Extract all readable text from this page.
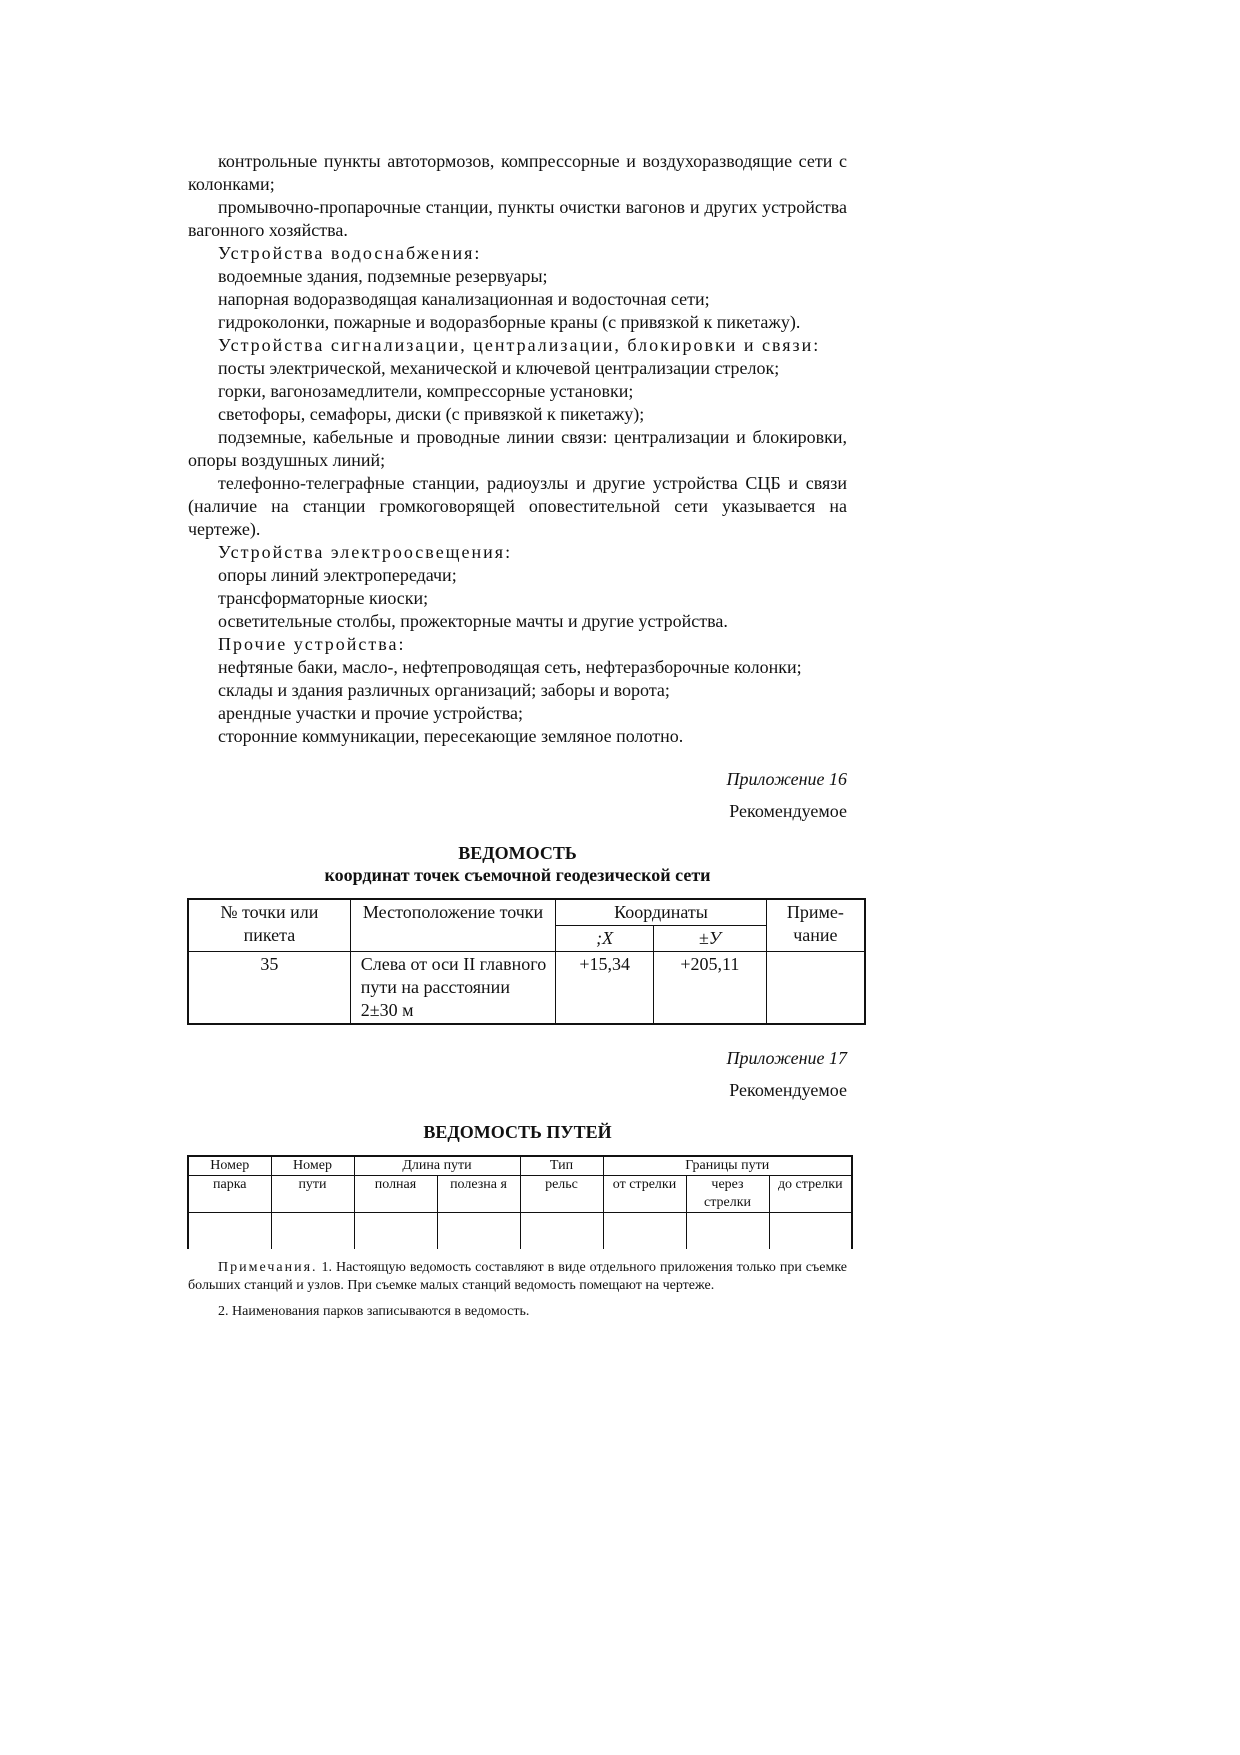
контрольные пункты автотормозов, компрессорные и воздухоразводящие сети с колонками;

промывочно-пропарочные станции, пункты очистки вагонов и других устройства вагонного хозяйства.

Устройства водоснабжения:

водоемные здания, подземные резервуары;

напорная водоразводящая канализационная и водосточная сети;

гидроколонки, пожарные и водоразборные краны (с привязкой к пикетажу).

Устройства сигнализации, централизации, блокировки и связи:

посты электрической, механической и ключевой централизации стрелок;

горки, вагонозамедлители, компрессорные установки;

светофоры, семафоры, диски (с привязкой к пикетажу);

подземные, кабельные и проводные линии связи: централизации и блокировки, опоры воздушных линий;

телефонно-телеграфные станции, радиоузлы и другие устройства СЦБ и связи (наличие на станции громкоговорящей оповестительной сети указывается на чертеже).

Устройства электроосвещения:

опоры линий электропередачи;

трансформаторные киоски;

осветительные столбы, прожекторные мачты и другие устройства.

Прочие устройства:

нефтяные баки, масло-, нефтепроводящая сеть, нефтеразборочные колонки;

склады и здания различных организаций; заборы и ворота;

арендные участки и прочие устройства;

сторонние коммуникации, пересекающие земляное полотно.

Приложение 16
Рекомендуемое
ВЕДОМОСТЬ
координат точек съемочной геодезической сети
№ точки или пикета	Местоположение точки	Координаты		Приме-чание
		;X	±У	
35	Слева от оси II главного пути на расстоянии 2±30 м	+15,34	+205,11	
Приложение 17
Рекомендуемое
ВЕДОМОСТЬ ПУТЕЙ
Номер	Номер	Длина пути		Тип	Границы пути		
парка	пути	полная	полезна я	рельс	от стрелки	через стрелки	до стрелки

Примечания. 1. Настоящую ведомость составляют в виде отдельного приложения только при съемке больших станций и узлов. При съемке малых станций ведомость помещают на чертеже.

2. Наименования парков записываются в ведомость.
